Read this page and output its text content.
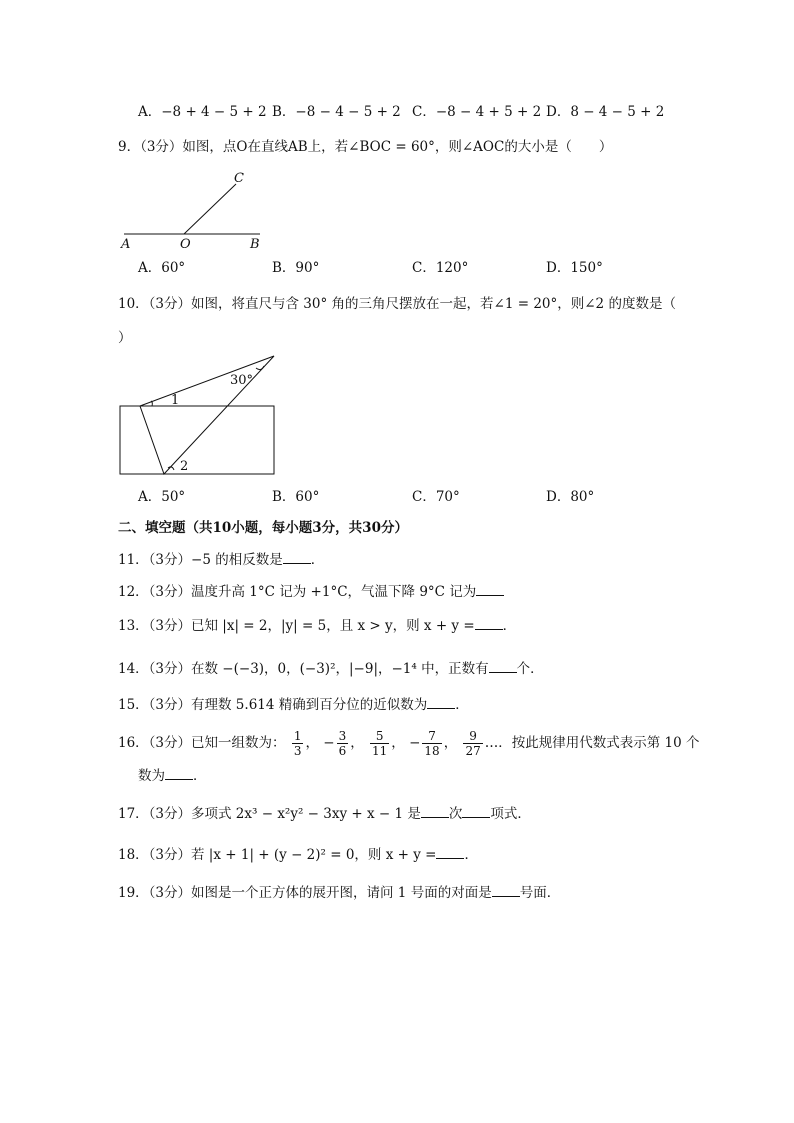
A．−8 + 4 − 5 + 2 B．−8 − 4 − 5 + 2 C．−8 − 4 + 5 + 2 D．8 − 4 − 5 + 2
9．（3分）如图，点O在直线AB上，若∠BOC = 60°，则∠AOC的大小是（　　）
A	O	B
C
A．60°	B．90°	C．120°	D．150°
10．（3分）如图，将直尺与含 30° 角的三角尺摆放在一起，若∠1 = 20°，则∠2 的度数是（
）
30°
1
2
A．50°	B．60°	C．70°	D．80°
二、填空题（共10小题，每小题3分，共30分）
11．（3分）−5 的相反数是 ．
12．（3分）温度升高 1°C 记为 +1°C，气温下降 9°C 记为
13．（3分）已知 |x| = 2，|y| = 5，且 x > y，则 x + y = ．
14．（3分）在数 −(−3)，0，(−3)²，|−9|，−1⁴ 中，正数有 个．
15．（3分）有理数 5.614 精确到百分位的近似数为 ．
16．（3分）已知一组数为： $\frac{1}{3}$ ， − $\frac{3}{6}$ ， $\frac{5}{11}$ ， − $\frac{7}{18}$ ， $\frac{9}{27}$ …．按此规律用代数式表示第 10 个
数为 ．
17．（3分）多项式 2x³ − x²y² − 3xy + x − 1 是 次 项式．
18．（3分）若 |x + 1| + (y − 2)² = 0，则 x + y = ．
19．（3分）如图是一个正方体的展开图，请问 1 号面的对面是 号面．
